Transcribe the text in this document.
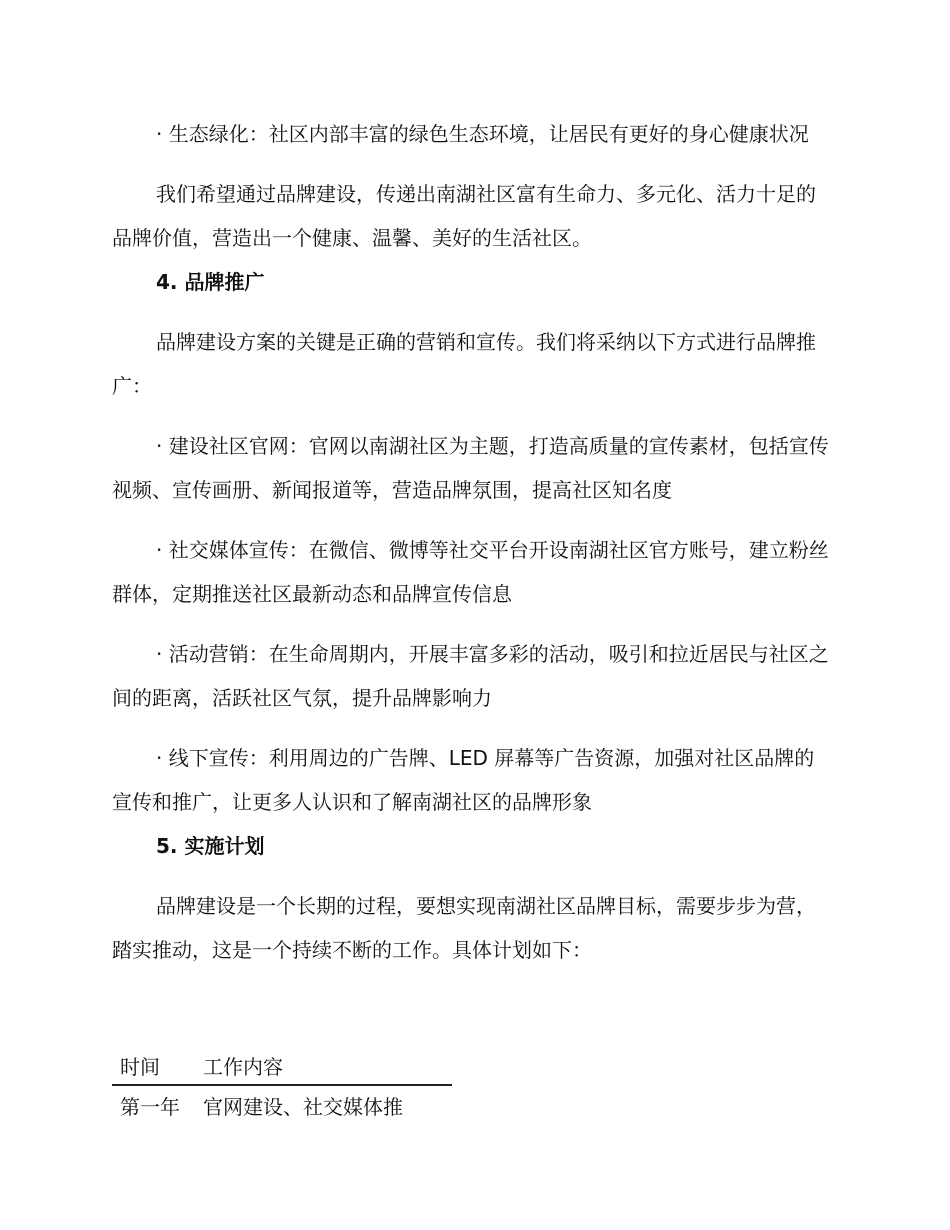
· 生态绿化：社区内部丰富的绿色生态环境，让居民有更好的身心健康状况

我们希望通过品牌建设，传递出南湖社区富有生命力、多元化、活力十足的品牌价值，营造出一个健康、温馨、美好的生活社区。

4. 品牌推广

品牌建设方案的关键是正确的营销和宣传。我们将采纳以下方式进行品牌推广：

· 建设社区官网：官网以南湖社区为主题，打造高质量的宣传素材，包括宣传视频、宣传画册、新闻报道等，营造品牌氛围，提高社区知名度

· 社交媒体宣传：在微信、微博等社交平台开设南湖社区官方账号，建立粉丝群体，定期推送社区最新动态和品牌宣传信息

· 活动营销：在生命周期内，开展丰富多彩的活动，吸引和拉近居民与社区之间的距离，活跃社区气氛，提升品牌影响力

· 线下宣传：利用周边的广告牌、LED 屏幕等广告资源，加强对社区品牌的宣传和推广，让更多人认识和了解南湖社区的品牌形象

5. 实施计划

品牌建设是一个长期的过程，要想实现南湖社区品牌目标，需要步步为营，踏实推动，这是一个持续不断的工作。具体计划如下：

时间	工作内容
第一年	官网建设、社交媒体推
